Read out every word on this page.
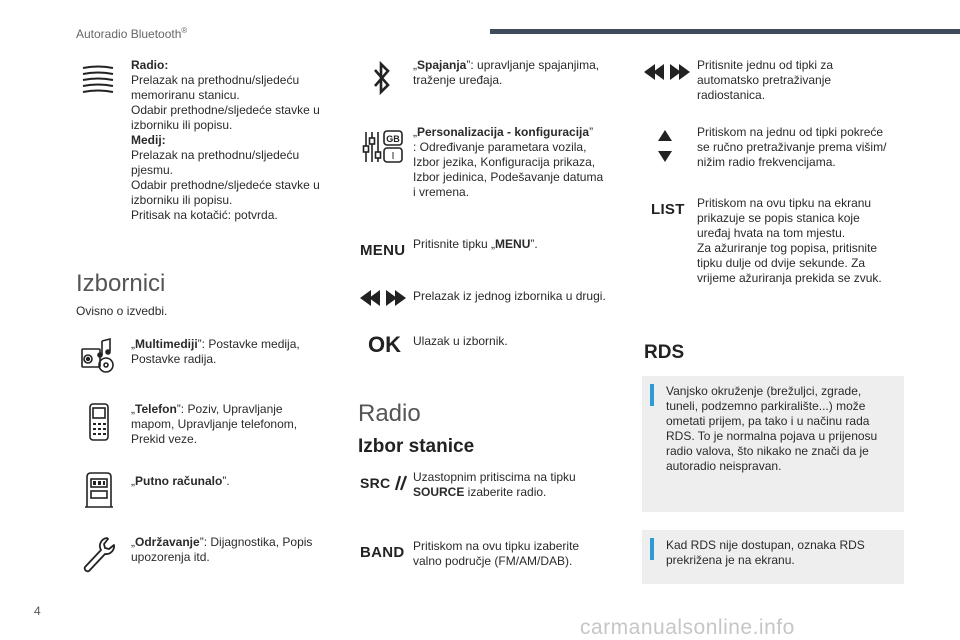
Autoradio Bluetooth®
Radio:
Prelazak na prethodnu/sljedeću
memoriranu stanicu.
Odabir prethodne/sljedeće stavke u
izborniku ili popisu.
Medij:
Prelazak na prethodnu/sljedeću
pjesmu.
Odabir prethodne/sljedeće stavke u
izborniku ili popisu.
Pritisak na kotačić: potvrda.
Izbornici
Ovisno o izvedbi.
„Multimediji”: Postavke medija,
Postavke radija.
„Telefon”: Poziv, Upravljanje
mapom, Upravljanje telefonom,
Prekid veze.
„Putno računalo”.
„Održavanje”: Dijagnostika, Popis
upozorenja itd.
„Spajanja”: upravljanje spajanjima,
traženje uređaja.
GB
I
„Personalizacija - konfiguracija”
: Određivanje parametara vozila,
Izbor jezika, Konfiguracija prikaza,
Izbor jedinica, Podešavanje datuma
i vremena.
MENU Pritisnite tipku „MENU”.
Prelazak iz jednog izbornika u drugi.
OK Ulazak u izbornik.
Radio
Izbor stanice
SRC Uzastopnim pritiscima na tipku
SOURCE izaberite radio.
BAND Pritiskom na ovu tipku izaberite
valno područje (FM/AM/DAB).
Pritisnite jednu od tipki za
automatsko pretraživanje
radiostanica.
Pritiskom na jednu od tipki pokreće
se ručno pretraživanje prema višim/
nižim radio frekvencijama.
LIST Pritiskom na ovu tipku na ekranu
prikazuje se popis stanica koje
uređaj hvata na tom mjestu.
Za ažuriranje tog popisa, pritisnite
tipku dulje od dvije sekunde. Za
vrijeme ažuriranja prekida se zvuk.
RDS
Vanjsko okruženje (brežuljci, zgrade,
tuneli, podzemno parkiralište...) može
ometati prijem, pa tako i u načinu rada
RDS. To je normalna pojava u prijenosu
radio valova, što nikako ne znači da je
autoradio neispravan.
Kad RDS nije dostupan, oznaka RDS
prekrižena je na ekranu.
4
carmanualsonline.info
